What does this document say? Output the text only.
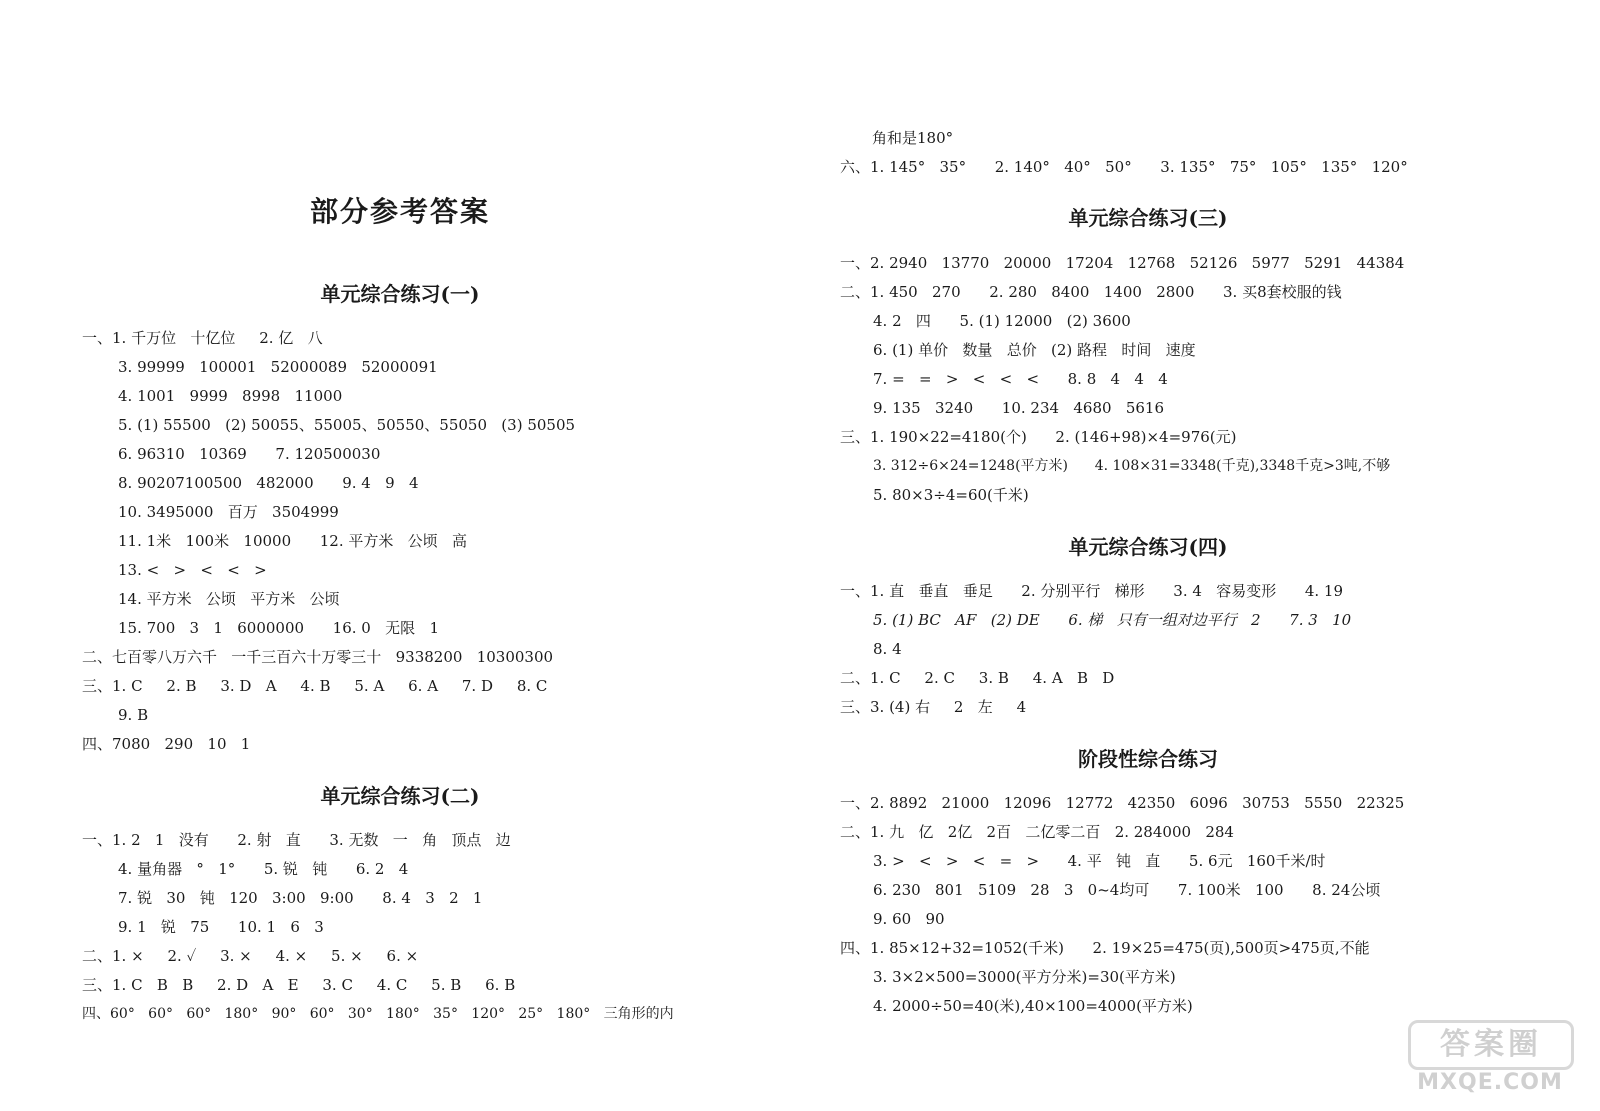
部分参考答案
单元综合练习(一)
一、1. 千万位   十亿位     2. 亿   八
3. 99999   100001   52000089   52000091
4. 1001   9999   8998   11000
5. (1) 55500   (2) 50055、55005、50550、55050   (3) 50505
6. 96310   10369      7. 120500030
8. 90207100500   482000      9. 4   9   4
10. 3495000   百万   3504999
11. 1米   100米   10000      12. 平方米   公顷   高
13. <   >   <   <   >
14. 平方米   公顷   平方米   公顷
15. 700   3   1   6000000      16. 0   无限   1
二、七百零八万六千   一千三百六十万零三十   9338200   10300300
三、1. C     2. B     3. D   A     4. B     5. A     6. A     7. D     8. C
9. B
四、7080   290   10   1
单元综合练习(二)
一、1. 2   1   没有      2. 射   直      3. 无数   一   角   顶点   边
4. 量角器   °   1°      5. 锐   钝      6. 2   4
7. 锐   30   钝   120   3:00   9:00      8. 4   3   2   1
9. 1   锐   75      10. 1   6   3
二、1. ×     2. ✓     3. ×     4. ×     5. ×     6. ×
三、1. C   B   B     2. D   A   E     3. C     4. C     5. B     6. B
四、60°   60°   60°   180°   90°   60°   30°   180°   35°   120°   25°   180°   三角形的内
角和是180°
六、1. 145°   35°      2. 140°   40°   50°      3. 135°   75°   105°   135°   120°
单元综合练习(三)
一、2. 2940   13770   20000   17204   12768   52126   5977   5291   44384
二、1. 450   270      2. 280   8400   1400   2800      3. 买8套校服的钱
4. 2   四      5. (1) 12000   (2) 3600
6. (1) 单价   数量   总价   (2) 路程   时间   速度
7. =   =   >   <   <   <      8. 8   4   4   4
9. 135   3240      10. 234   4680   5616
三、1. 190×22=4180(个)      2. (146+98)×4=976(元)
3. 312÷6×24=1248(平方米)      4. 108×31=3348(千克),3348千克>3吨,不够
5. 80×3÷4=60(千米)
单元综合练习(四)
一、1. 直   垂直   垂足      2. 分别平行   梯形      3. 4   容易变形      4. 19
5. (1) BC   AF   (2) DE      6. 梯   只有一组对边平行   2      7. 3   10
8. 4
二、1. C     2. C     3. B     4. A   B   D
三、3. (4) 右     2   左     4
阶段性综合练习
一、2. 8892   21000   12096   12772   42350   6096   30753   5550   22325
二、1. 九   亿   2亿   2百   二亿零二百   2. 284000   284
3. >   <   >   <   =   >      4. 平   钝   直      5. 6元   160千米/时
6. 230   801   5109   28   3   0~4均可      7. 100米   100      8. 24公顷
9. 60   90
四、1. 85×12+32=1052(千米)      2. 19×25=475(页),500页>475页,不能
3. 3×2×500=3000(平方分米)=30(平方米)
4. 2000÷50=40(米),40×100=4000(平方米)
答案圈
MXQE.COM
